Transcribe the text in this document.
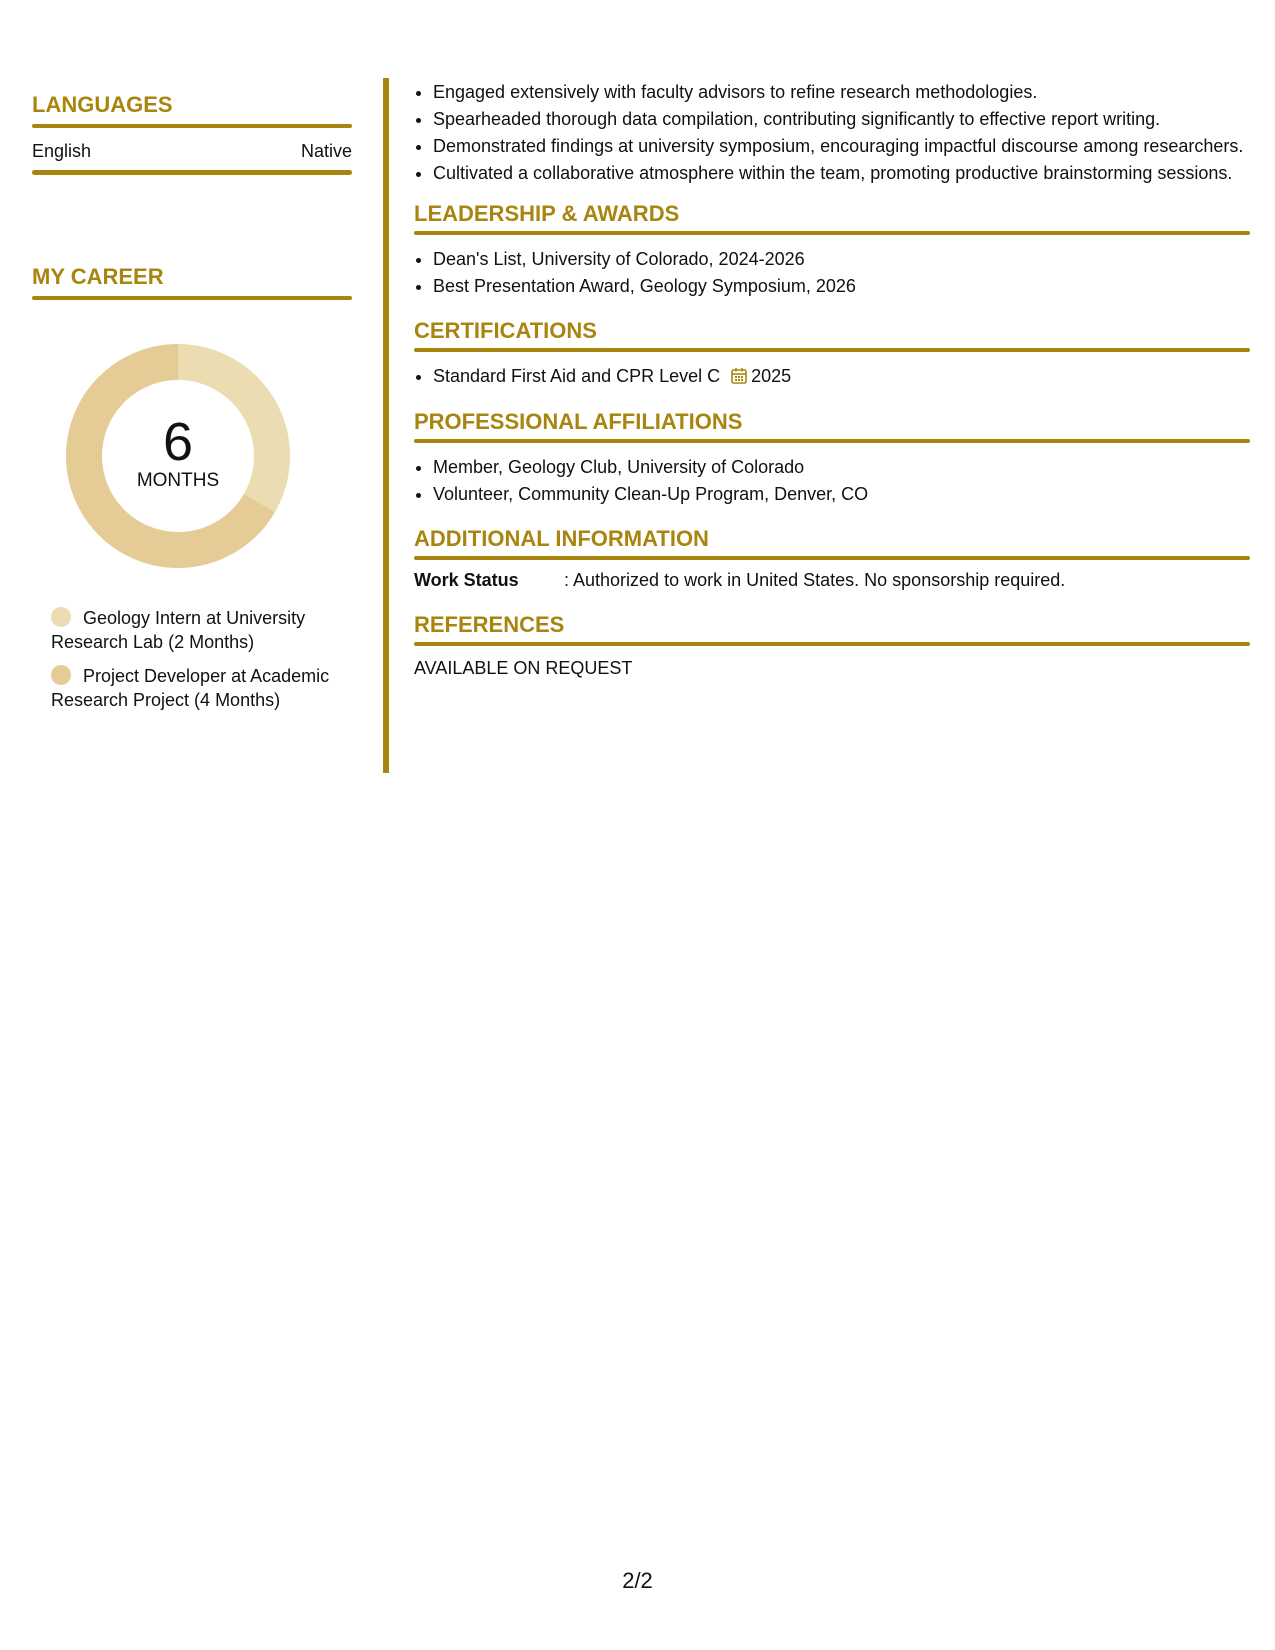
LANGUAGES
English	Native
MY CAREER
6
MONTHS
Geology Intern at University Research Lab (2 Months)
Project Developer at Academic Research Project (4 Months)
• Engaged extensively with faculty advisors to refine research methodologies.
• Spearheaded thorough data compilation, contributing significantly to effective report writing.
• Demonstrated findings at university symposium, encouraging impactful discourse among researchers.
• Cultivated a collaborative atmosphere within the team, promoting productive brainstorming sessions.
LEADERSHIP & AWARDS
• Dean's List, University of Colorado, 2024-2026
• Best Presentation Award, Geology Symposium, 2026
CERTIFICATIONS
• Standard First Aid and CPR Level C 2025
PROFESSIONAL AFFILIATIONS
• Member, Geology Club, University of Colorado
• Volunteer, Community Clean-Up Program, Denver, CO
ADDITIONAL INFORMATION
Work Status	: Authorized to work in United States. No sponsorship required.
REFERENCES
AVAILABLE ON REQUEST
2/2
